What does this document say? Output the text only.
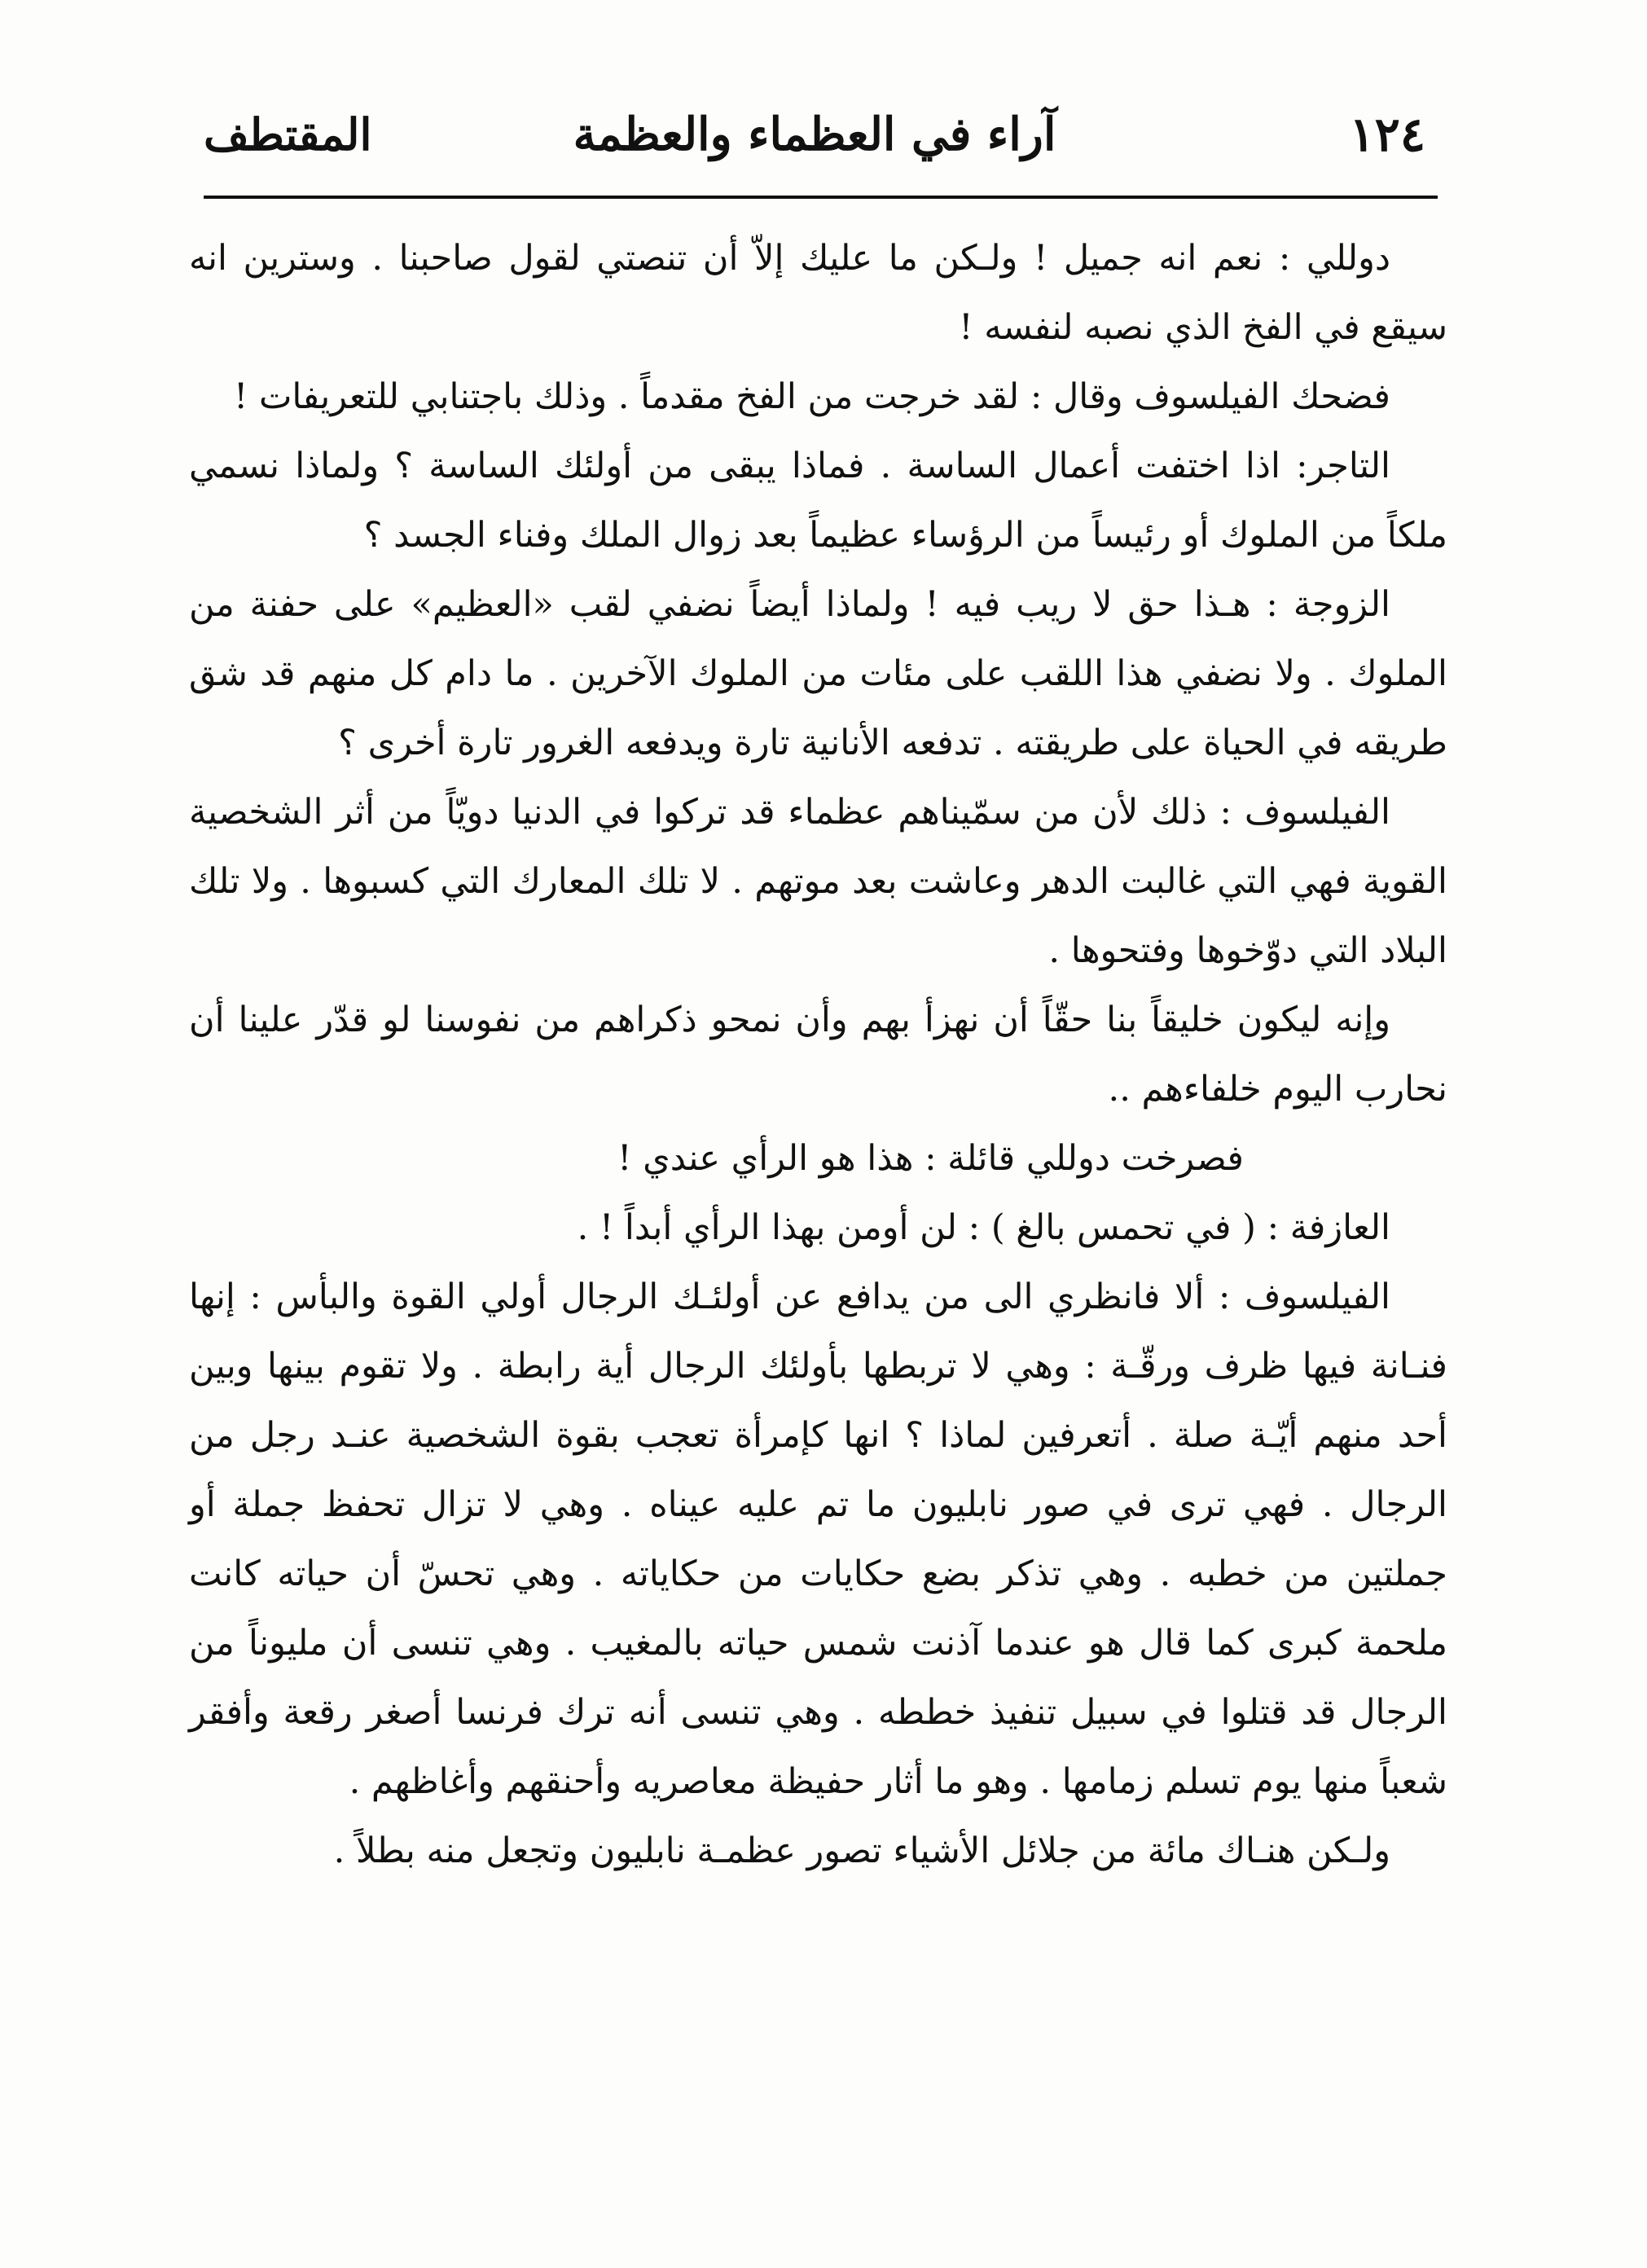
١٢٤
آراء في العظماء والعظمة
المقتطف

دوللي : نعم انه جميل ! ولـكن ما عليك إلاّ أن تنصتي لقول صاحبنا . وسترين انه سيقع في الفخ الذي نصبه لنفسه !

فضحك الفيلسوف وقال : لقد خرجت من الفخ مقدماً . وذلك باجتنابي للتعريفات !

التاجر: اذا اختفت أعمال الساسة . فماذا يبقى من أولئك الساسة ؟ ولماذا نسمي ملكاً من الملوك أو رئيساً من الرؤساء عظيماً بعد زوال الملك وفناء الجسد ؟

الزوجة : هـذا حق لا ريب فيه ! ولماذا أيضاً نضفي لقب «العظيم» على حفنة من الملوك . ولا نضفي هذا اللقب على مئات من الملوك الآخرين . ما دام كل منهم قد شق طريقه في الحياة على طريقته . تدفعه الأنانية تارة ويدفعه الغرور تارة أخرى ؟

الفيلسوف : ذلك لأن من سمّيناهم عظماء قد تركوا في الدنيا دويّاً من أثر الشخصية القوية فهي التي غالبت الدهر وعاشت بعد موتهم . لا تلك المعارك التي كسبوها . ولا تلك البلاد التي دوّخوها وفتحوها .

وإنه ليكون خليقاً بنا حقّاً أن نهزأ بهم وأن نمحو ذكراهم من نفوسنا لو قدّر علينا أن نحارب اليوم خلفاءهم ..

فصرخت دوللي قائلة : هذا هو الرأي عندي !

العازفة : ( في تحمس بالغ ) : لن أومن بهذا الرأي أبداً ! .

الفيلسوف : ألا فانظري الى من يدافع عن أولئـك الرجال أولي القوة والبأس : إنها فنـانة فيها ظرف ورقّـة : وهي لا تربطها بأولئك الرجال أية رابطة . ولا تقوم بينها وبين أحد منهم أيّـة صلة . أتعرفين لماذا ؟ انها كإمرأة تعجب بقوة الشخصية عنـد رجل من الرجال . فهي ترى في صور نابليون ما تم عليه عيناه . وهي لا تزال تحفظ جملة أو جملتين من خطبه . وهي تذكر بضع حكايات من حكاياته . وهي تحسّ أن حياته كانت ملحمة كبرى كما قال هو عندما آذنت شمس حياته بالمغيب . وهي تنسى أن مليوناً من الرجال قد قتلوا في سبيل تنفيذ خططه . وهي تنسى أنه ترك فرنسا أصغر رقعة وأفقر شعباً منها يوم تسلم زمامها . وهو ما أثار حفيظة معاصريه وأحنقهم وأغاظهم .

ولـكن هنـاك مائة من جلائل الأشياء تصور عظمـة نابليون وتجعل منه بطلاً .
